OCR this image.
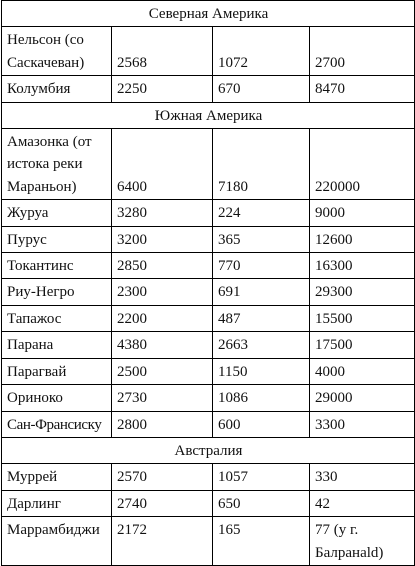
Северная Америка			
Нельсон (со Саскачеван)	2568	1072	2700
Колумбия	2250	670	8470
Южная Америка			
Амазонка (от истока реки Мараньон)	6400	7180	220000
Журуа	3280	224	9000
Пурус	3200	365	12600
Токантинс	2850	770	16300
Риу-Негро	2300	691	29300
Тапажос	2200	487	15500
Парана	4380	2663	17500
Парагвай	2500	1150	4000
Ориноко	2730	1086	29000
Сан-Франсиску	2800	600	3300
Австралия			
Муррей	2570	1057	330
Дарлинг	2740	650	42
Маррамбиджи	2172	165	77 (у г. Балранald)
